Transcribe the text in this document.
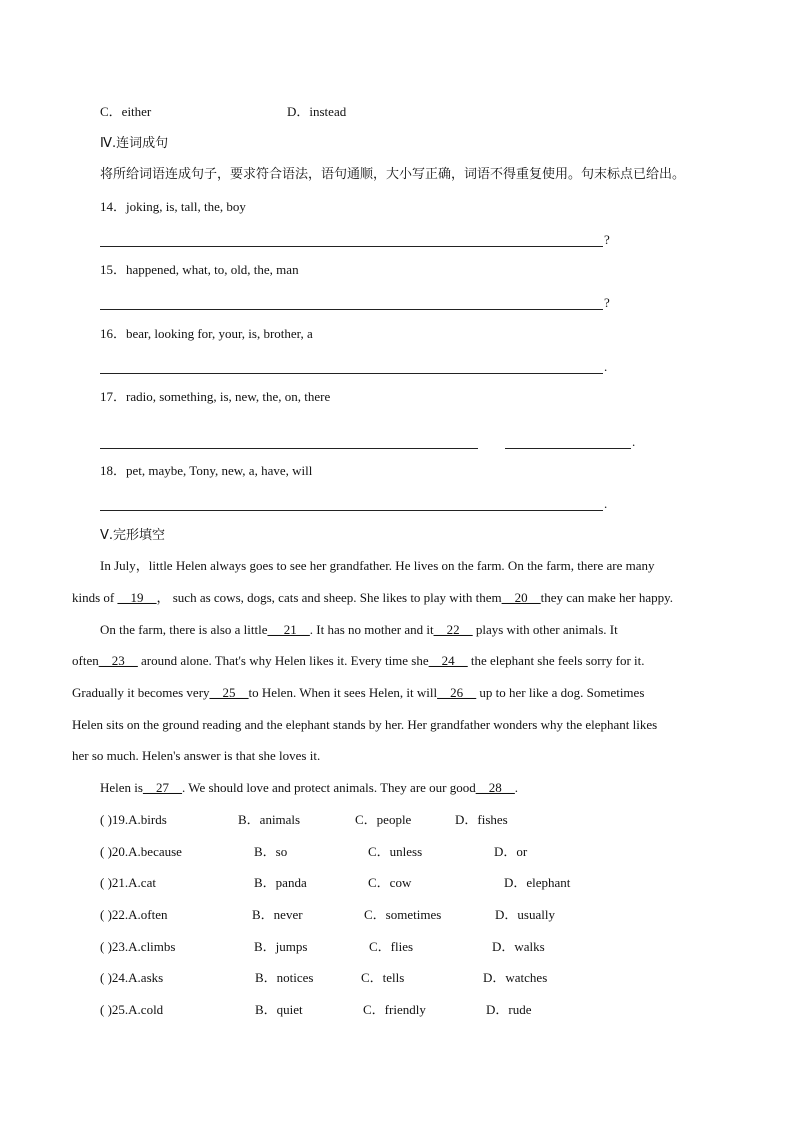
C．either	D．instead
Ⅳ.连词成句
将所给词语连成句子，要求符合语法，语句通顺，大小写正确，词语不得重复使用。句末标点已给出。
14．joking, is, tall, the, boy
?
15．happened, what, to, old, the, man
?
16．bear, looking for, your, is, brother, a
.
17．radio, something, is, new, the, on, there
.
18．pet, maybe, Tony, new, a, have, will
.
Ⅴ.完形填空
In July，little Helen always goes to see her grandfather. He lives on the farm. On the farm, there are many
kinds of __19__， such as cows, dogs, cats and sheep. She likes to play with them__20__they can make her happy.
On the farm, there is also a little__ 21__. It has no mother and it__22__ plays with other animals. It
often__23__ around alone. That's why Helen likes it. Every time she__24__ the elephant she feels sorry for it.
Gradually it becomes very__25__to Helen. When it sees Helen, it will__26__ up to her like a dog. Sometimes
Helen sits on the ground reading and the elephant stands by her. Her grandfather wonders why the elephant likes
her so much. Helen's answer is that she loves it.
Helen is__27__. We should love and protect animals. They are our good__28__.
( )19.A.birds	B．animals	C．people	D．fishes
( )20.A.because	B．so	C．unless	D．or
( )21.A.cat	B．panda	C．cow	D．elephant
( )22.A.often	B．never	C．sometimes	D．usually
( )23.A.climbs	B．jumps	C．flies	D．walks
( )24.A.asks	B．notices	C．tells	D．watches
( )25.A.cold	B．quiet	C．friendly	D．rude
